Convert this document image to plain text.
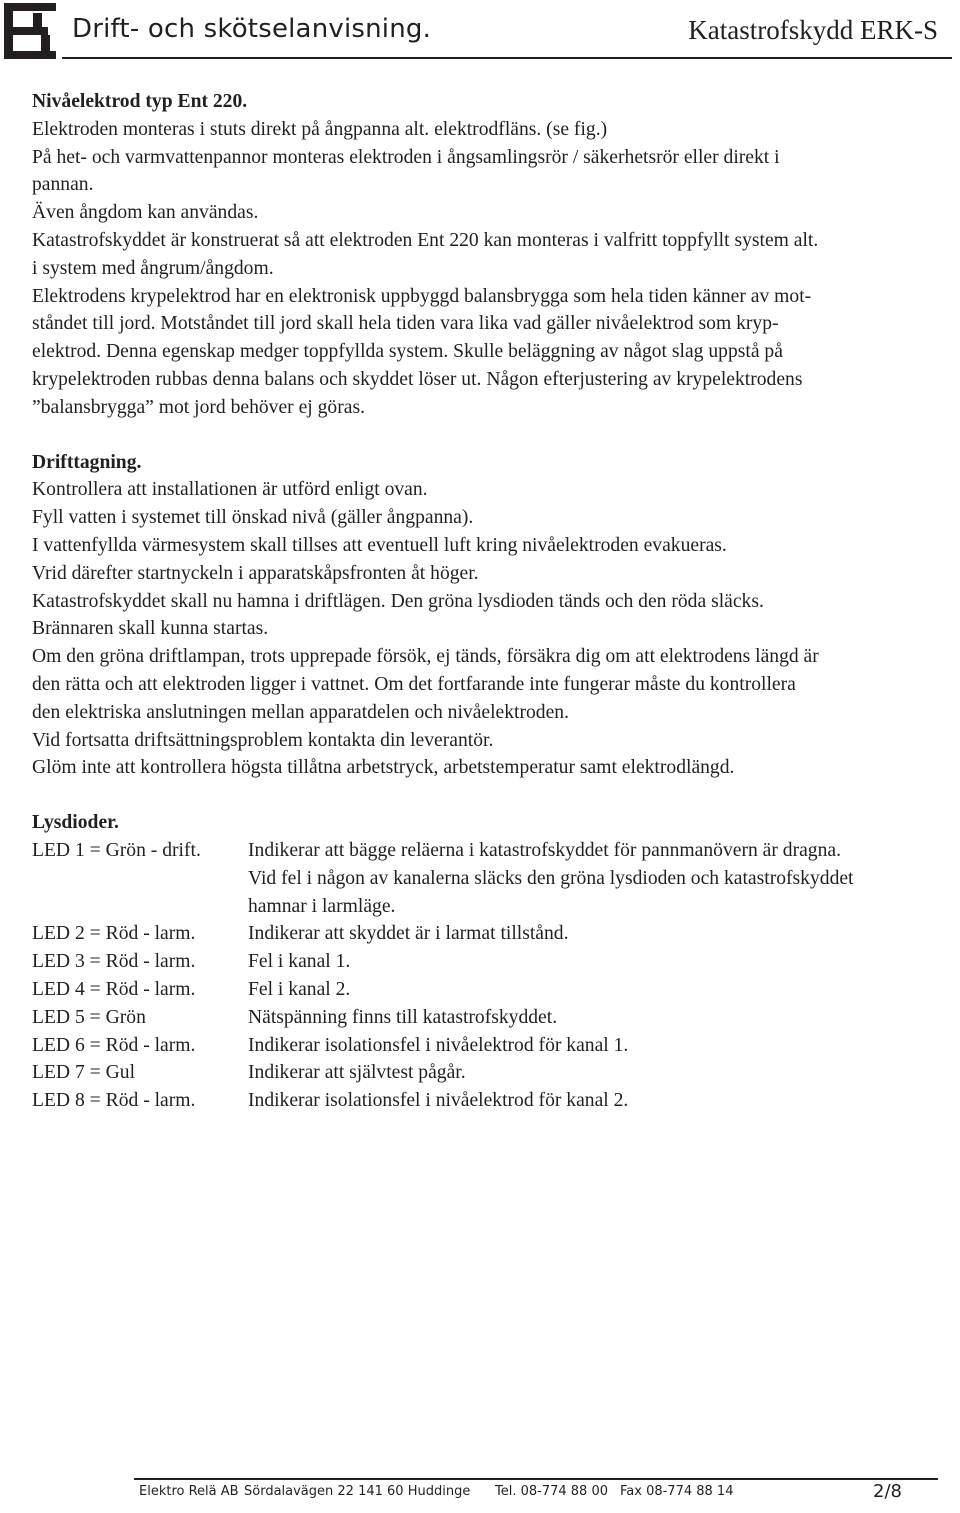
Drift- och skötselanvisning.	Katastrofskydd ERK-S
Nivåelektrod typ Ent 220.

Elektroden monteras i stuts direkt på ångpanna alt. elektrodfläns. (se fig.)

På het- och varmvattenpannor monteras elektroden i ångsamlingsrör / säkerhetsrör eller direkt i

pannan.

Även ångdom kan användas.

Katastrofskyddet är konstruerat så att elektroden Ent 220 kan monteras i valfritt toppfyllt system alt.

i system med ångrum/ångdom.

Elektrodens krypelektrod har en elektronisk uppbyggd balansbrygga som hela tiden känner av mot-

ståndet till jord. Motståndet till jord skall hela tiden vara lika vad gäller nivåelektrod som kryp-

elektrod. Denna egenskap medger toppfyllda system. Skulle beläggning av något slag uppstå på

krypelektroden rubbas denna balans och skyddet löser ut. Någon efterjustering av krypelektrodens

”balansbrygga” mot jord behöver ej göras.

Drifttagning.

Kontrollera att installationen är utförd enligt ovan.

Fyll vatten i systemet till önskad nivå (gäller ångpanna).

I vattenfyllda värmesystem skall tillses att eventuell luft kring nivåelektroden evakueras.

Vrid därefter startnyckeln i apparatskåpsfronten åt höger.

Katastrofskyddet skall nu hamna i driftlägen. Den gröna lysdioden tänds och den röda släcks.

Brännaren skall kunna startas.

Om den gröna driftlampan, trots upprepade försök, ej tänds, försäkra dig om att elektrodens längd är

den rätta och att elektroden ligger i vattnet. Om det fortfarande inte fungerar måste du kontrollera

den elektriska anslutningen mellan apparatdelen och nivåelektroden.

Vid fortsatta driftsättningsproblem kontakta din leverantör.

Glöm inte att kontrollera högsta tillåtna arbetstryck, arbetstemperatur samt elektrodlängd.

Lysdioder.
LED 1 = Grön - drift.	Indikerar att bägge reläerna i katastrofskyddet för pannmanövern är dragna.
Vid fel i någon av kanalerna släcks den gröna lysdioden och katastrofskyddet
hamnar i larmläge.
LED 2 = Röd - larm.	Indikerar att skyddet är i larmat tillstånd.
LED 3 = Röd - larm.	Fel i kanal 1.
LED 4 = Röd - larm.	Fel i kanal 2.
LED 5 = Grön	Nätspänning finns till katastrofskyddet.
LED 6 = Röd - larm.	Indikerar isolationsfel i nivåelektrod för kanal 1.
LED 7 = Gul	Indikerar att självtest pågår.
LED 8 = Röd - larm.	Indikerar isolationsfel i nivåelektrod för kanal 2.
Elektro Relä AB Sördalavägen 22 141 60 Huddinge Tel. 08-774 88 00 Fax 08-774 88 14	2/8
